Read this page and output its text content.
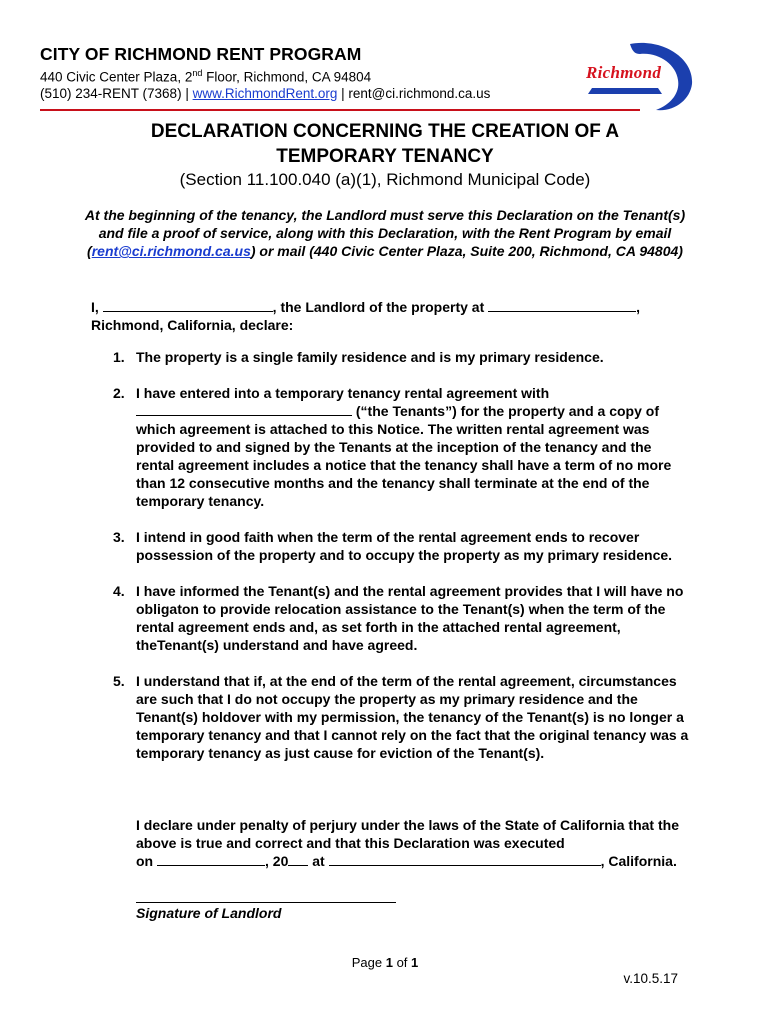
CITY OF RICHMOND RENT PROGRAM
440 Civic Center Plaza, 2nd Floor, Richmond, CA 94804
(510) 234-RENT (7368) | www.RichmondRent.org | rent@ci.richmond.ca.us
Richmond
DECLARATION CONCERNING THE CREATION OF A
TEMPORARY TENANCY
(Section 11.100.040 (a)(1), Richmond Municipal Code)
At the beginning of the tenancy, the Landlord must serve this Declaration on the Tenant(s) and file a proof of service, along with this Declaration, with the Rent Program by email (rent@ci.richmond.ca.us) or mail (440 Civic Center Plaza, Suite 200, Richmond, CA 94804)
I,	, the Landlord of the property at	,
Richmond, California, declare:
1. The property is a single family residence and is my primary residence.
2. I have entered into a temporary tenancy rental agreement with
(“the Tenants”) for the property and a copy of which agreement is attached to this Notice. The written rental agreement was provided to and signed by the Tenants at the inception of the tenancy and the rental agreement includes a notice that the tenancy shall have a term of no more than 12 consecutive months and the tenancy shall terminate at the end of the temporary tenancy.
3. I intend in good faith when the term of the rental agreement ends to recover possession of the property and to occupy the property as my primary residence.
4. I have informed the Tenant(s) and the rental agreement provides that I will have no obligaton to provide relocation assistance to the Tenant(s) when the term of the rental agreement ends and, as set forth in the attached rental agreement, theTenant(s) understand and have agreed.
5. I understand that if, at the end of the term of the rental agreement, circumstances are such that I do not occupy the property as my primary residence and the Tenant(s) holdover with my permission, the tenancy of the Tenant(s) is no longer a temporary tenancy and that I cannot rely on the fact that the original tenancy was a temporary tenancy as just cause for eviction of the Tenant(s).
I declare under penalty of perjury under the laws of the State of California that the above is true and correct and that this Declaration was executed
on	, 20 at	, California.
Signature of Landlord
Page 1 of 1
v.10.5.17
